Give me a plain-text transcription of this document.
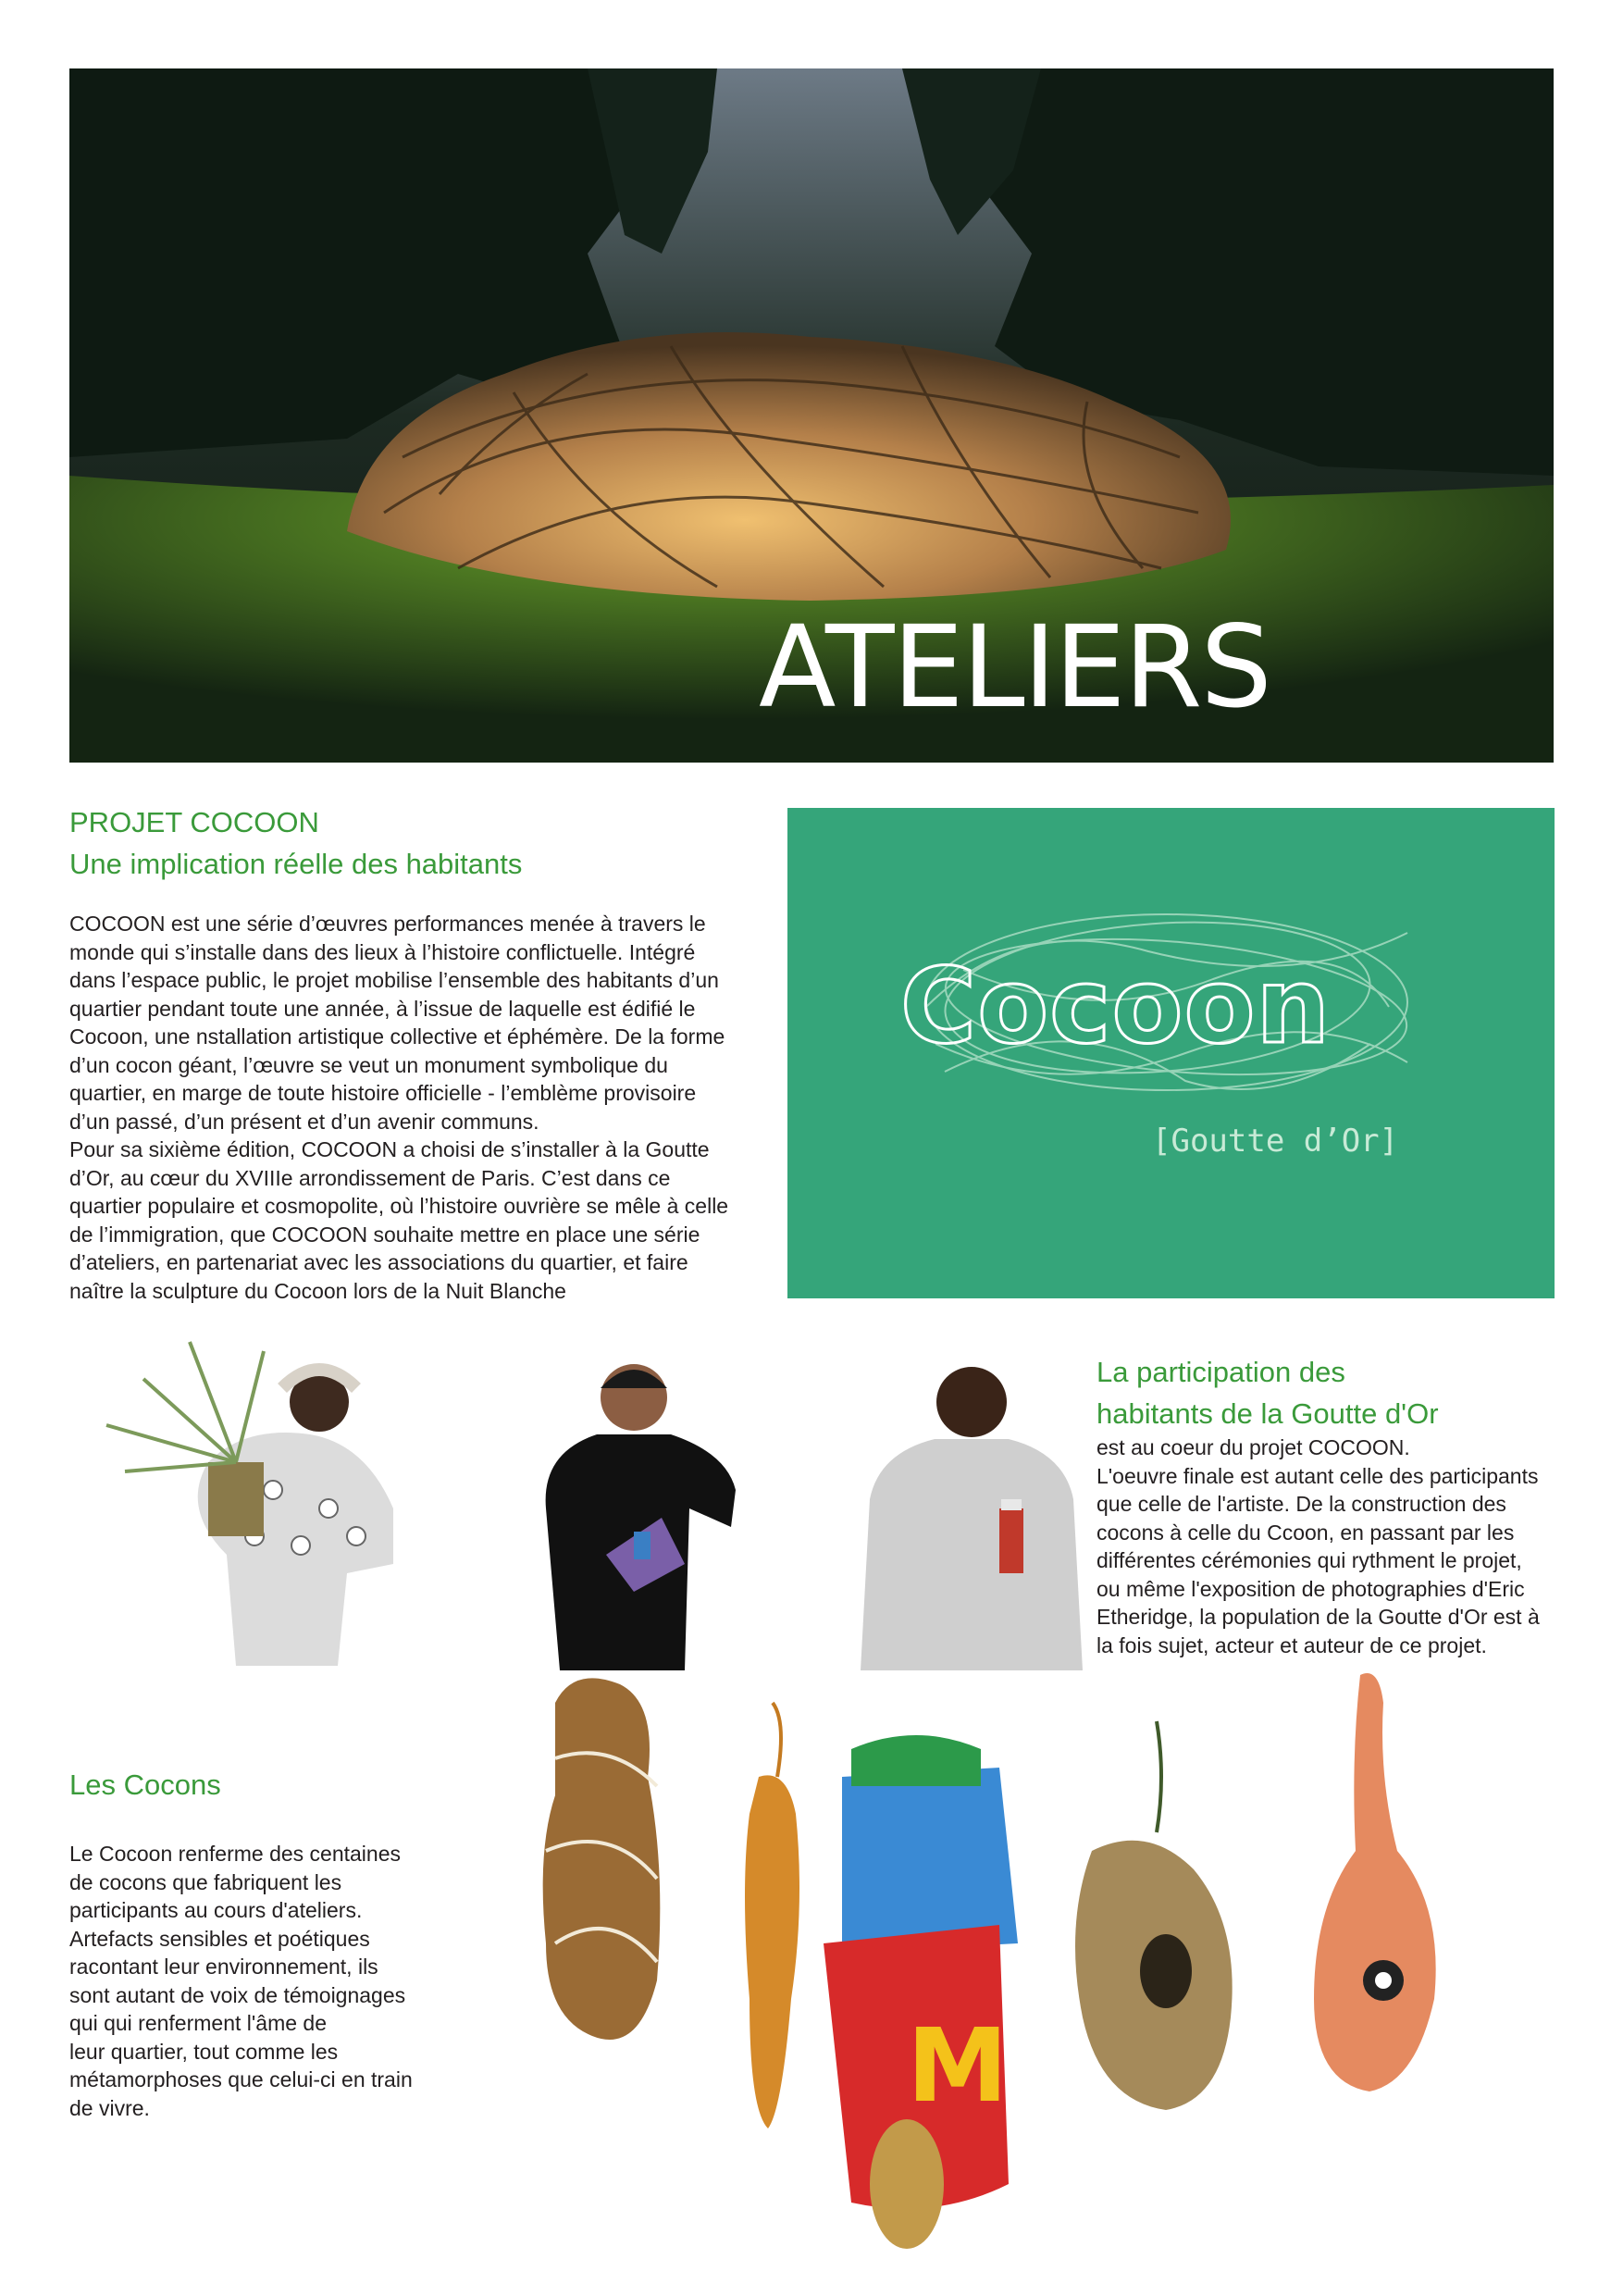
ATELIERS
PROJET COCOON
Une implication réelle des habitants

COCOON est une série d’œuvres performances menée à travers le
monde qui s’installe dans des lieux à l’histoire conflictuelle. Intégré
dans l’espace public, le projet mobilise l’ensemble des habitants d’un
quartier pendant toute une année, à l’issue de laquelle est édifié le
Cocoon, une nstallation artistique collective et éphémère. De la forme
d’un cocon géant, l’œuvre se veut un monument symbolique du
quartier, en marge de toute histoire officielle - l’emblème provisoire
d’un passé, d’un présent et d’un avenir communs.
Pour sa sixième édition, COCOON a choisi de s’installer à la Goutte
d’Or, au cœur du XVIIIe arrondissement de Paris. C’est dans ce
quartier populaire et cosmopolite, où l’histoire ouvrière se mêle à celle
de l’immigration, que COCOON souhaite mettre en place une série
d’ateliers, en partenariat avec les associations du quartier, et faire
naître la sculpture du Cocoon lors de la Nuit Blanche

Cocoon
[Goutte d’Or]
La participation des
habitants de la Goutte d'Or

est au coeur du projet COCOON.
L'oeuvre finale est autant celle des participants
que celle de l'artiste. De la construction des
cocons à celle du Ccoon, en passant par les
différentes cérémonies qui rythment le projet,
ou même l'exposition de photographies d'Eric
Etheridge, la population de la Goutte d'Or est à
la fois sujet, acteur et auteur de ce projet.

Les Cocons

Le Cocoon renferme des centaines
de cocons que fabriquent les
participants au cours d'ateliers.
Artefacts sensibles et poétiques
racontant leur environnement, ils
sont autant de voix de témoignages
qui qui renferment l'âme de
leur quartier, tout comme les
métamorphoses que celui-ci en train
de vivre.	M
